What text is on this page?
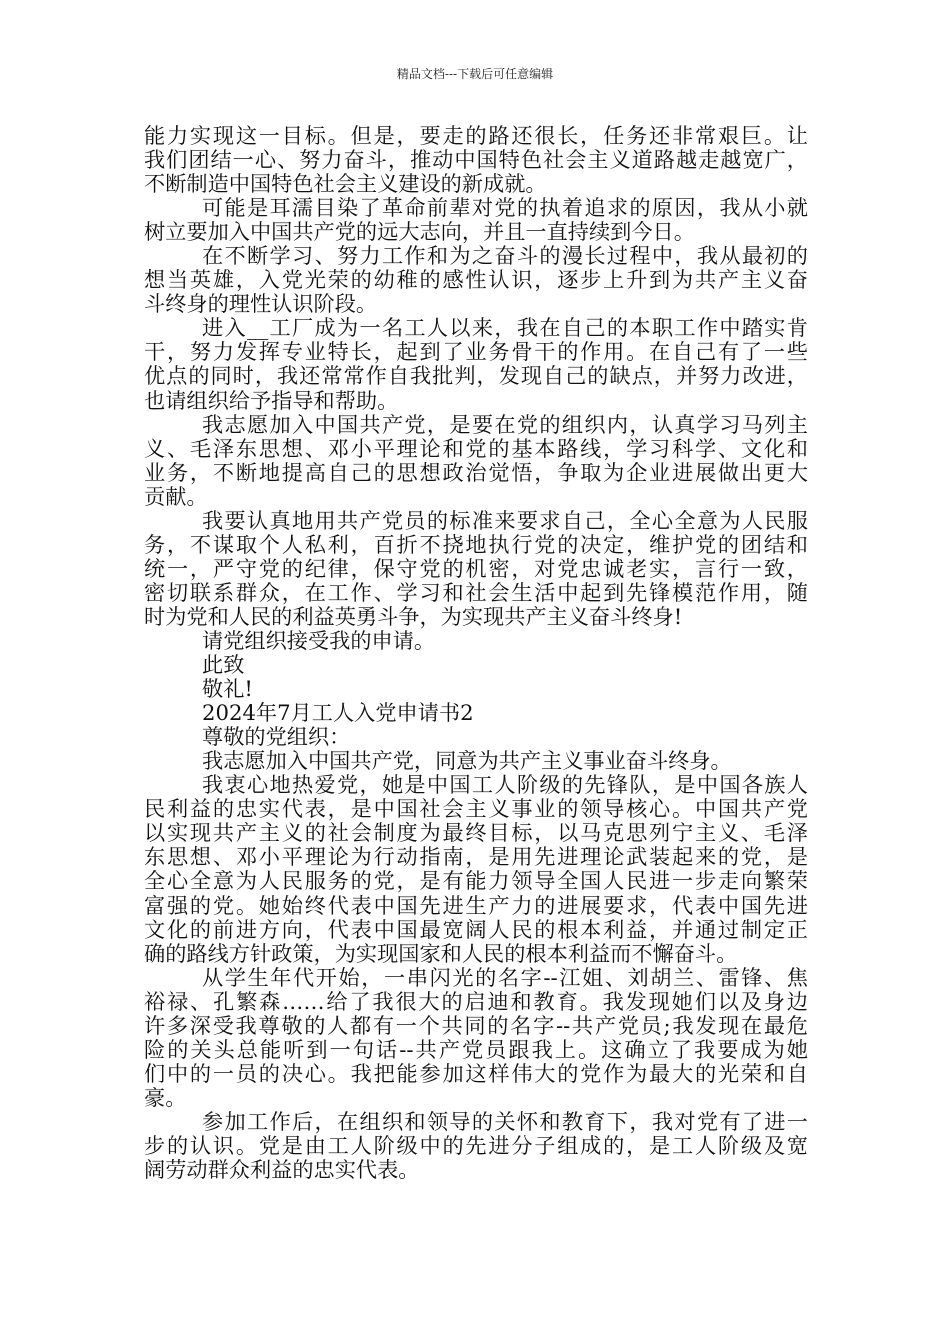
精品文档---下载后可任意编辑
能力实现这一目标。但是，要走的路还很长，任务还非常艰巨。让
我们团结一心、努力奋斗，推动中国特色社会主义道路越走越宽广，
不断制造中国特色社会主义建设的新成就。
可能是耳濡目染了革命前辈对党的执着追求的原因，我从小就
树立要加入中国共产党的远大志向，并且一直持续到今日。
在不断学习、努力工作和为之奋斗的漫长过程中，我从最初的
想当英雄，入党光荣的幼稚的感性认识，逐步上升到为共产主义奋
斗终身的理性认识阶段。
进入__工厂成为一名工人以来，我在自己的本职工作中踏实肯
干，努力发挥专业特长，起到了业务骨干的作用。在自己有了一些
优点的同时，我还常常作自我批判，发现自己的缺点，并努力改进，
也请组织给予指导和帮助。
我志愿加入中国共产党，是要在党的组织内，认真学习马列主
义、毛泽东思想、邓小平理论和党的基本路线，学习科学、文化和
业务，不断地提高自己的思想政治觉悟，争取为企业进展做出更大
贡献。
我要认真地用共产党员的标准来要求自己，全心全意为人民服
务，不谋取个人私利，百折不挠地执行党的决定，维护党的团结和
统一，严守党的纪律，保守党的机密，对党忠诚老实，言行一致，
密切联系群众，在工作、学习和社会生活中起到先锋模范作用，随
时为党和人民的利益英勇斗争，为实现共产主义奋斗终身!
请党组织接受我的申请。
此致
敬礼!
2024年7月工人入党申请书2
尊敬的党组织：
我志愿加入中国共产党，同意为共产主义事业奋斗终身。
我衷心地热爱党，她是中国工人阶级的先锋队，是中国各族人
民利益的忠实代表，是中国社会主义事业的领导核心。中国共产党
以实现共产主义的社会制度为最终目标，以马克思列宁主义、毛泽
东思想、邓小平理论为行动指南，是用先进理论武装起来的党，是
全心全意为人民服务的党，是有能力领导全国人民进一步走向繁荣
富强的党。她始终代表中国先进生产力的进展要求，代表中国先进
文化的前进方向，代表中国最宽阔人民的根本利益，并通过制定正
确的路线方针政策，为实现国家和人民的根本利益而不懈奋斗。
从学生年代开始，一串闪光的名字--江姐、刘胡兰、雷锋、焦
裕禄、孔繁森……给了我很大的启迪和教育。我发现她们以及身边
许多深受我尊敬的人都有一个共同的名字--共产党员;我发现在最危
险的关头总能听到一句话--共产党员跟我上。这确立了我要成为她
们中的一员的决心。我把能参加这样伟大的党作为最大的光荣和自
豪。
参加工作后，在组织和领导的关怀和教育下，我对党有了进一
步的认识。党是由工人阶级中的先进分子组成的，是工人阶级及宽
阔劳动群众利益的忠实代表。
